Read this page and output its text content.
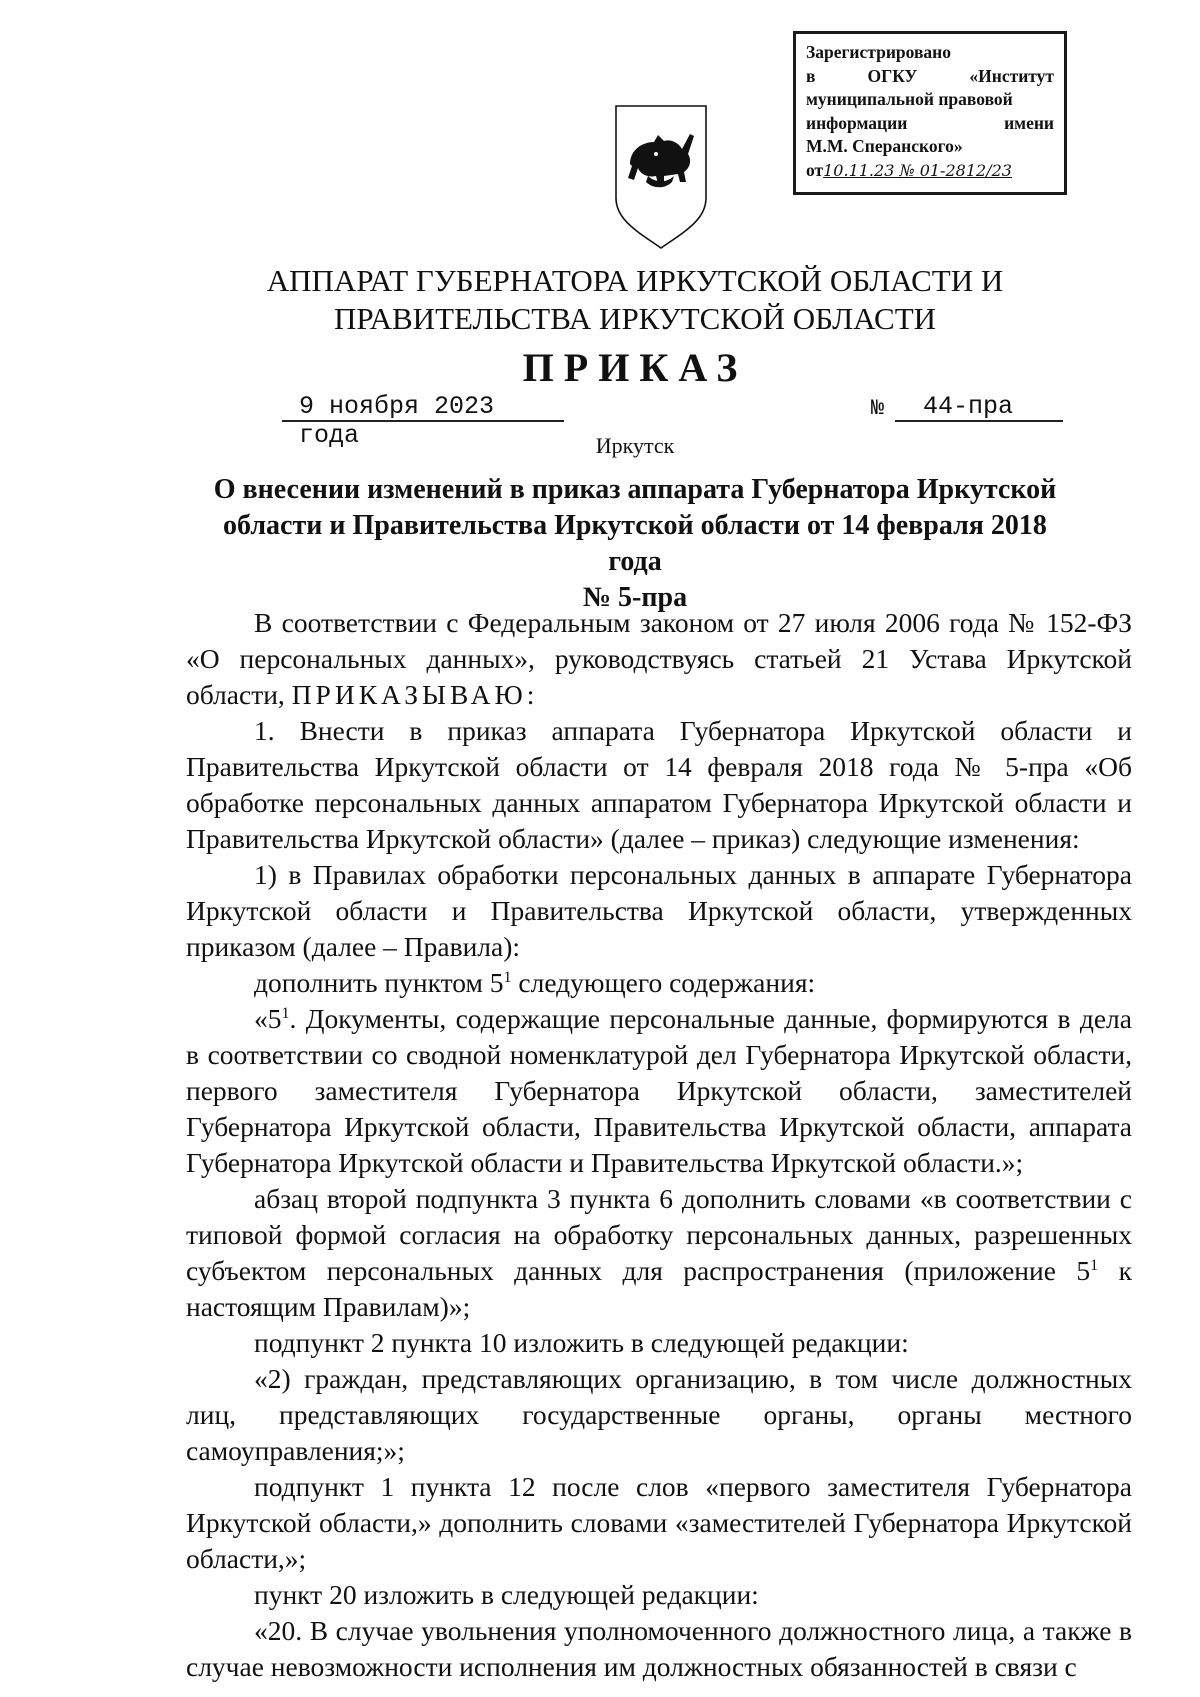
Зарегистрировано
в	ОГКУ	«Институт
муниципальной правовой
информации	имени
М.М. Сперанского»
от10.11.23 № 01-2812/23
АППАРАТ ГУБЕРНАТОРА ИРКУТСКОЙ ОБЛАСТИ И
ПРАВИТЕЛЬСТВА ИРКУТСКОЙ ОБЛАСТИ
ПРИКАЗ
9 ноября 2023 года
№	44-пра
Иркутск
О внесении изменений в приказ аппарата Губернатора Иркутской
области и Правительства Иркутской области от 14 февраля 2018 года
№ 5-пра

В соответствии с Федеральным законом от 27 июля 2006 года № 152-ФЗ «О персональных данных», руководствуясь статьей 21 Устава Иркутской области, ПРИКАЗЫВАЮ:

1. Внести в приказ аппарата Губернатора Иркутской области и Правительства Иркутской области от 14 февраля 2018 года № 5-пра «Об обработке персональных данных аппаратом Губернатора Иркутской области и Правительства Иркутской области» (далее – приказ) следующие изменения:

1) в Правилах обработки персональных данных в аппарате Губернатора Иркутской области и Правительства Иркутской области, утвержденных приказом (далее – Правила):

дополнить пунктом $5^1$ следующего содержания:

«$5^1$. Документы, содержащие персональные данные, формируются в дела в соответствии со сводной номенклатурой дел Губернатора Иркутской области, первого заместителя Губернатора Иркутской области, заместителей Губернатора Иркутской области, Правительства Иркутской области, аппарата Губернатора Иркутской области и Правительства Иркутской области.»;

абзац второй подпункта 3 пункта 6 дополнить словами «в соответствии с типовой формой согласия на обработку персональных данных, разрешенных субъектом персональных данных для распространения (приложение $5^1$ к настоящим Правилам)»;

подпункт 2 пункта 10 изложить в следующей редакции:

«2) граждан, представляющих организацию, в том числе должностных лиц, представляющих государственные органы, органы местного самоуправления;»;

подпункт 1 пункта 12 после слов «первого заместителя Губернатора Иркутской области,» дополнить словами «заместителей Губернатора Иркутской области,»;

пункт 20 изложить в следующей редакции:

«20. В случае увольнения уполномоченного должностного лица, а также в случае невозможности исполнения им должностных обязанностей в связи с
